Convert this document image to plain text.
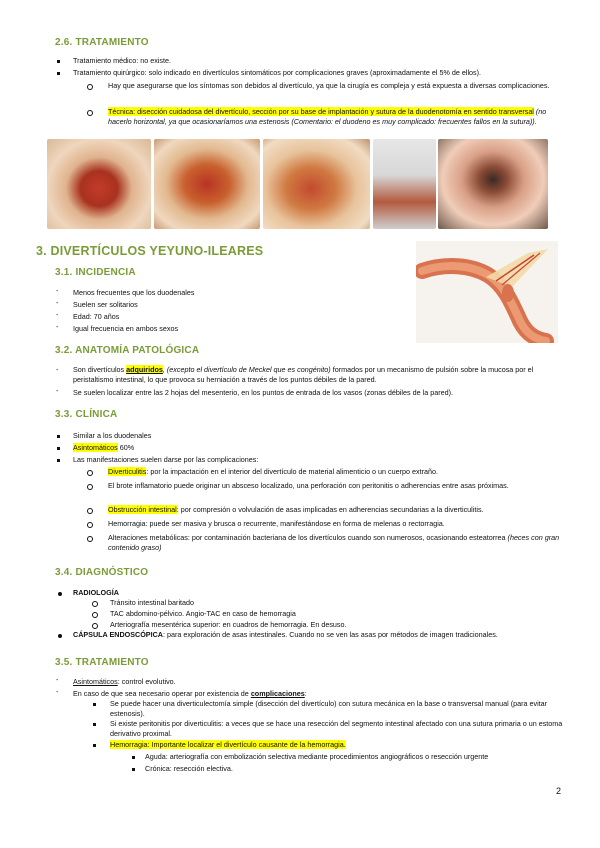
2.6. TRATAMIENTO
Tratamiento médico: no existe.
Tratamiento quirúrgico: solo indicado en divertículos sintomáticos por complicaciones graves (aproximadamente el 5% de ellos).
Hay que asegurarse que los síntomas son debidos al divertículo, ya que la cirugía es compleja y está expuesta a diversas complicaciones.
Técnica: disección cuidadosa del divertículo, sección por su base de implantación y sutura de la duodenotomía en sentido transversal (no hacerlo horizontal, ya que ocasionaríamos una estenosis (Comentario: el duodeno es muy complicado: frecuentes fallos en la sutura)).
3. DIVERTÍCULOS YEYUNO-ILEARES
3.1. INCIDENCIA
- Menos frecuentes que los duodenales
- Suelen ser solitarios
- Edad: 70 años
- Igual frecuencia en ambos sexos
3.2. ANATOMÍA PATOLÓGICA
- Son divertículos adquiridos, (excepto el divertículo de Meckel que es congénito) formados por un mecanismo de pulsión sobre la mucosa por el peristaltismo intestinal, lo que provoca su herniación a través de los puntos débiles de la pared.
- Se suelen localizar entre las 2 hojas del mesenterio, en los puntos de entrada de los vasos (zonas débiles de la pared).
3.3. CLÍNICA
Similar a los duodenales
Asintomáticos 60%
Las manifestaciones suelen darse por las complicaciones:
Diverticulitis: por la impactación en el interior del divertículo de material alimenticio o un cuerpo extraño.
El brote inflamatorio puede originar un absceso localizado, una perforación con peritonitis o adherencias entre asas próximas.
Obstrucción intestinal: por compresión o volvulación de asas implicadas en adherencias secundarias a la diverticulitis.
Hemorragia: puede ser masiva y brusca o recurrente, manifestándose en forma de melenas o rectorragia.
Alteraciones metabólicas: por contaminación bacteriana de los divertículos cuando son numerosos, ocasionando esteatorrea (heces con gran contenido graso)
3.4. DIAGNÓSTICO
RADIOLOGÍA
Tránsito intestinal baritado
TAC abdomino-pélvico. Angio-TAC en caso de hemorragia
Arteriografía mesentérica superior: en cuadros de hemorragia. En desuso.
CÁPSULA ENDOSCÓPICA: para exploración de asas intestinales. Cuando no se ven las asas por métodos de imagen tradicionales.
3.5. TRATAMIENTO
- Asintomáticos: control evolutivo.
- En caso de que sea necesario operar por existencia de complicaciones:
Se puede hacer una diverticulectomía simple (disección del divertículo) con sutura mecánica en la base o transversal manual (para evitar estenosis).
Si existe peritonitis por diverticulitis: a veces que se hace una resección del segmento intestinal afectado con una sutura primaria o un estoma derivativo proximal.
Hemorragia: Importante localizar el divertículo causante de la hemorragia.
Aguda: arteriografía con embolización selectiva mediante procedimientos angiográficos o resección urgente
Crónica: resección electiva.
2
